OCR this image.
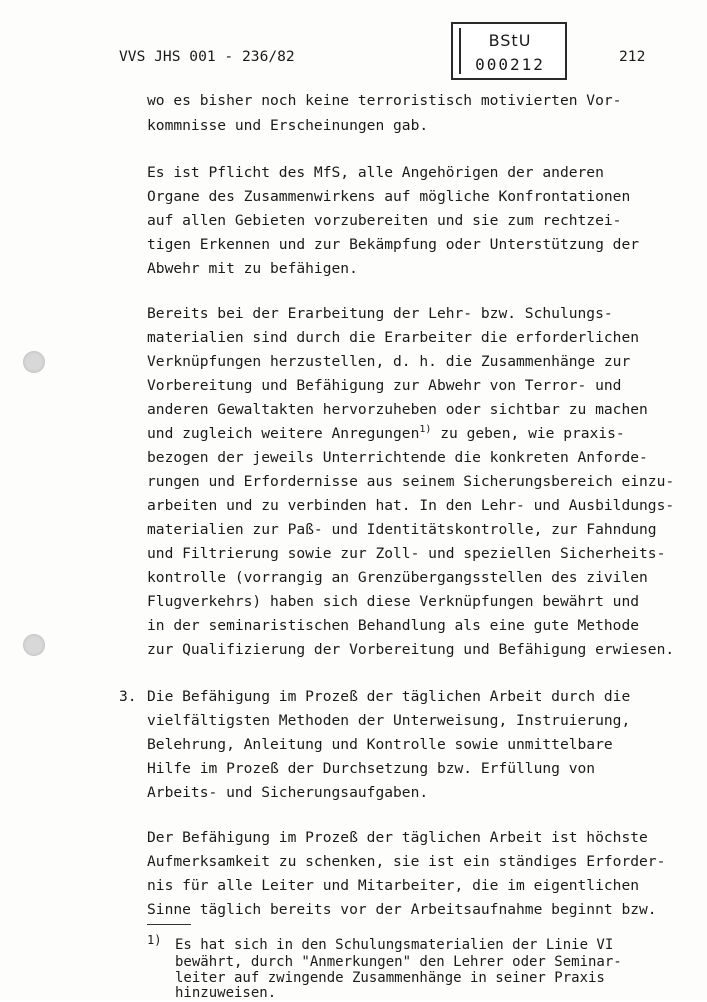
VVS JHS 001 - 236/82
BStU
000212	212
wo es bisher noch keine terroristisch motivierten Vor-
kommnisse und Erscheinungen gab.
Es ist Pflicht des MfS, alle Angehörigen der anderen
Organe des Zusammenwirkens auf mögliche Konfrontationen
auf allen Gebieten vorzubereiten und sie zum rechtzei-
tigen Erkennen und zur Bekämpfung oder Unterstützung der
Abwehr mit zu befähigen.
Bereits bei der Erarbeitung der Lehr- bzw. Schulungs-
materialien sind durch die Erarbeiter die erforderlichen
Verknüpfungen herzustellen, d. h. die Zusammenhänge zur
Vorbereitung und Befähigung zur Abwehr von Terror- und
anderen Gewaltakten hervorzuheben oder sichtbar zu machen
und zugleich weitere Anregungen$^{1)}$ zu geben, wie praxis-
bezogen der jeweils Unterrichtende die konkreten Anforde-
rungen und Erfordernisse aus seinem Sicherungsbereich einzu-
arbeiten und zu verbinden hat. In den Lehr- und Ausbildungs-
materialien zur Paß- und Identitätskontrolle, zur Fahndung
und Filtrierung sowie zur Zoll- und speziellen Sicherheits-
kontrolle (vorrangig an Grenzübergangsstellen des zivilen
Flugverkehrs) haben sich diese Verknüpfungen bewährt und
in der seminaristischen Behandlung als eine gute Methode
zur Qualifizierung der Vorbereitung und Befähigung erwiesen.
3. Die Befähigung im Prozeß der täglichen Arbeit durch die
vielfältigsten Methoden der Unterweisung, Instruierung,
Belehrung, Anleitung und Kontrolle sowie unmittelbare
Hilfe im Prozeß der Durchsetzung bzw. Erfüllung von
Arbeits- und Sicherungsaufgaben.
Der Befähigung im Prozeß der täglichen Arbeit ist höchste
Aufmerksamkeit zu schenken, sie ist ein ständiges Erforder-
nis für alle Leiter und Mitarbeiter, die im eigentlichen
Sinne täglich bereits vor der Arbeitsaufnahme beginnt bzw.
1) Es hat sich in den Schulungsmaterialien der Linie VI
bewährt, durch "Anmerkungen" den Lehrer oder Seminar-
leiter auf zwingende Zusammenhänge in seiner Praxis
hinzuweisen.
